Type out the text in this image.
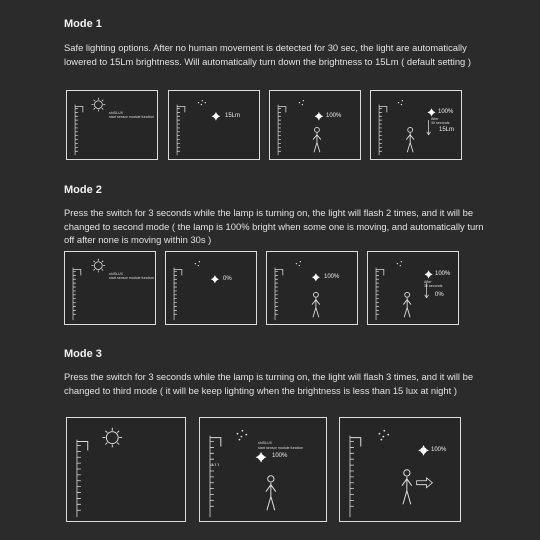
Mode 1
Safe lighting options. After no human movement is detected for 30 sec, the light are automatically lowered to 15Lm brightness. Will automatically turn down the brightness to 15Lm ( default setting )
shiSLUX
start sensor module function	15Lm	100%
100%
After
30 seconds
15Lm
Mode 2
Press the switch for 3 seconds while the lamp is turning on, the light will flash 2 times, and it will be changed to second mode ( the lamp is 100% bright when some one is moving, and automatically turn off after none is moving within 30s )
shiSLUX
start sensor module function	0%	100%	100%
After
30 seconds
0%
Mode 3
Press the switch for 3 seconds while the lamp is turning on, the light will flash 3 times, and it will be changed to third mode ( it will be keep lighting when the brightness is less than 15 lux at night )
shiSLUX
start sensor module function
100%
100%
